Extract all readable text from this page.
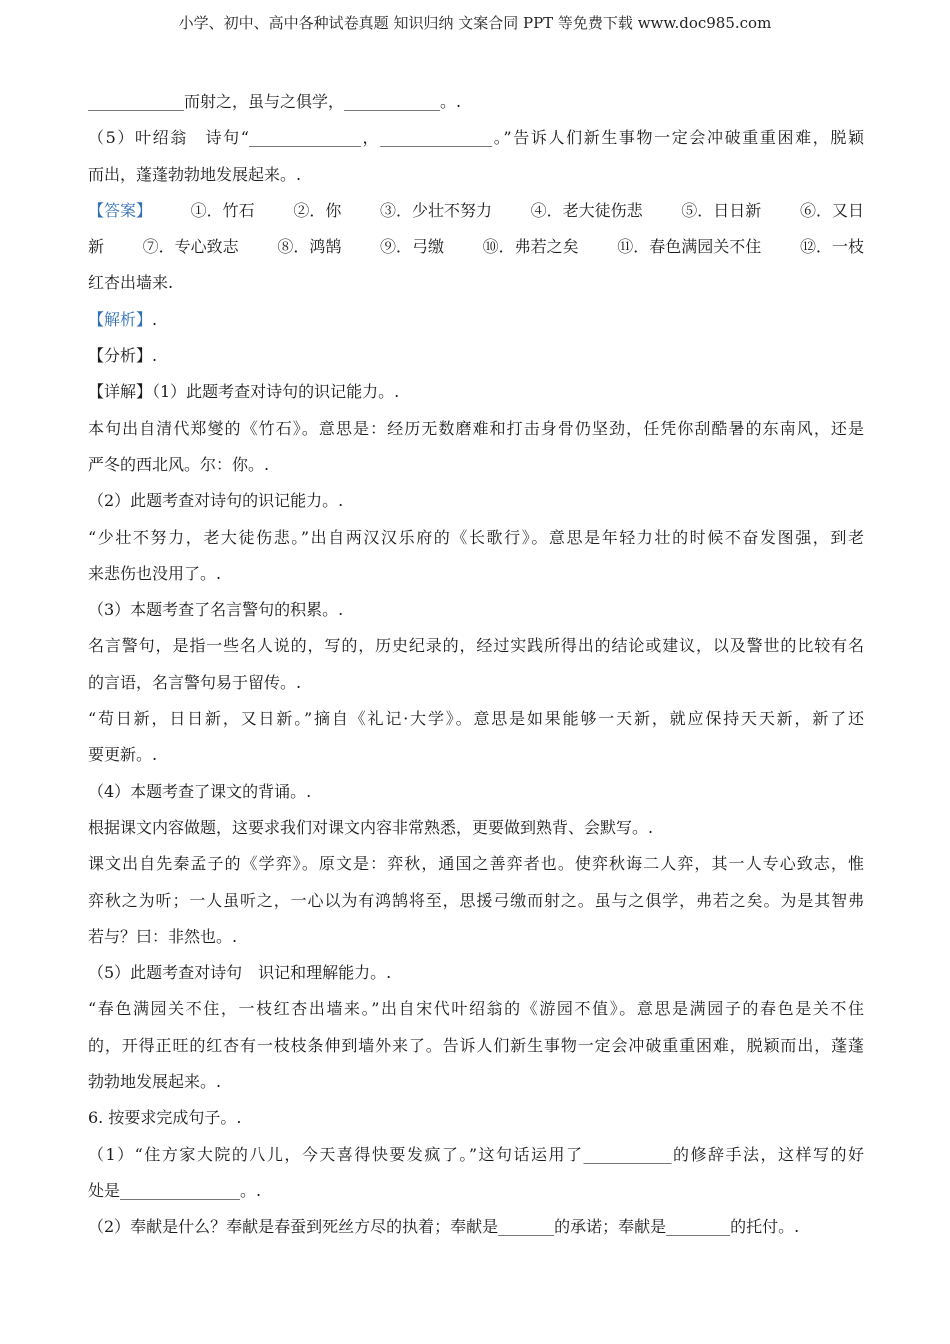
小学、初中、高中各种试卷真题 知识归纳 文案合同 PPT 等免费下载 www.doc985.com
____________而射之，虽与之俱学，____________。.
（5）叶绍翁　诗句“______________，______________。”告诉人们新生事物一定会冲破重重困难，脱颖
而出，蓬蓬勃勃地发展起来。.
【答案】 ①．竹石 ②．你 ③．少壮不努力 ④．老大徒伤悲 ⑤．日日新 ⑥．又日
新 ⑦．专心致志 ⑧．鸿鹄 ⑨．弓缴 ⑩．弗若之矣 ⑪．春色满园关不住 ⑫．一枝
红杏出墙来.
【解析】.
【分析】.
【详解】（1）此题考查对诗句的识记能力。.
本句出自清代郑燮的《竹石》。意思是：经历无数磨难和打击身骨仍坚劲，任凭你刮酷暑的东南风，还是
严冬的西北风。尔：你。.
（2）此题考查对诗句的识记能力。.
“少壮不努力，老大徒伤悲。”出自两汉汉乐府的《长歌行》。意思是年轻力壮的时候不奋发图强，到老
来悲伤也没用了。.
（3）本题考查了名言警句的积累。.
名言警句，是指一些名人说的，写的，历史纪录的，经过实践所得出的结论或建议，以及警世的比较有名
的言语，名言警句易于留传。.
“苟日新，日日新，又日新。”摘自《礼记·大学》。意思是如果能够一天新，就应保持天天新，新了还
要更新。.
（4）本题考查了课文的背诵。.
根据课文内容做题，这要求我们对课文内容非常熟悉，更要做到熟背、会默写。.
课文出自先秦孟子的《学弈》。原文是：弈秋，通国之善弈者也。使弈秋诲二人弈，其一人专心致志，惟
弈秋之为听；一人虽听之，一心以为有鸿鹄将至，思援弓缴而射之。虽与之俱学，弗若之矣。为是其智弗
若与？曰：非然也。.
（5）此题考查对诗句　识记和理解能力。.
“春色满园关不住，一枝红杏出墙来。”出自宋代叶绍翁的《游园不值》。意思是满园子的春色是关不住
的，开得正旺的红杏有一枝枝条伸到墙外来了。告诉人们新生事物一定会冲破重重困难，脱颖而出，蓬蓬
勃勃地发展起来。.
6. 按要求完成句子。.
（1）“住方家大院的八儿，今天喜得快要发疯了。”这句话运用了___________的修辞手法，这样写的好
处是_______________。.
（2）奉献是什么？奉献是春蚕到死丝方尽的执着；奉献是_______的承诺；奉献是________的托付。.
